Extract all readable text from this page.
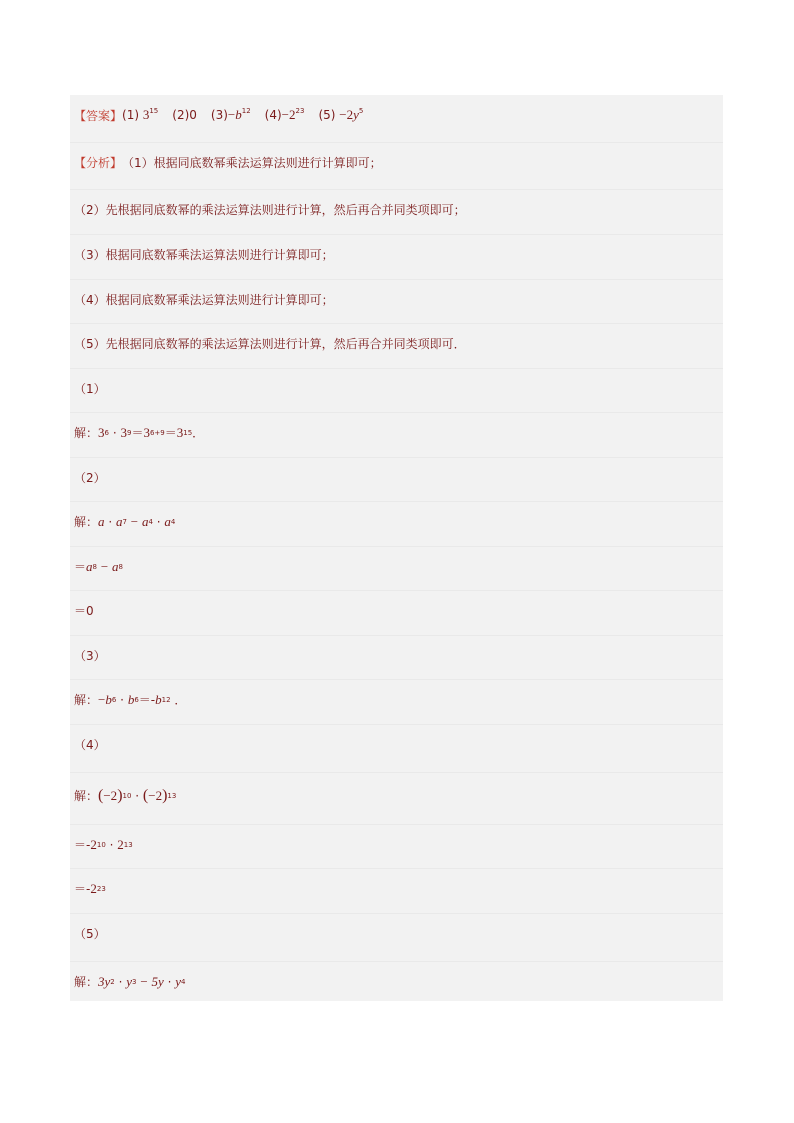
【答案】 (1) $3^{15}$ (2)0 $(3)-b^{12}$ $(4)-2^{23}$ $(5) -2y^5$
【分析】 （1）根据同底数幂乘法运算法则进行计算即可；
（2）先根据同底数幂的乘法运算法则进行计算，然后再合并同类项即可；
（3）根据同底数幂乘法运算法则进行计算即可；
（4）根据同底数幂乘法运算法则进行计算即可；
（5）先根据同底数幂的乘法运算法则进行计算，然后再合并同类项即可．
（1）
解： 3 6
·
3 9 ＝ 3 6+9 ＝ 3 15 ．
（2）
解： a
·
a 7
−
a 4
·
a 4
＝ a 8
−
a 8
＝ 0
（3）
解： − b 6
·
b 6 ＝ - b 12
．
（4）
解： ( −2 ) 10
·
( −2 ) 13
＝ - 2 10
·
2 13
＝ - 2 23
（5）
解： 3y 2
·
y 3
−
5y
·
y 4
